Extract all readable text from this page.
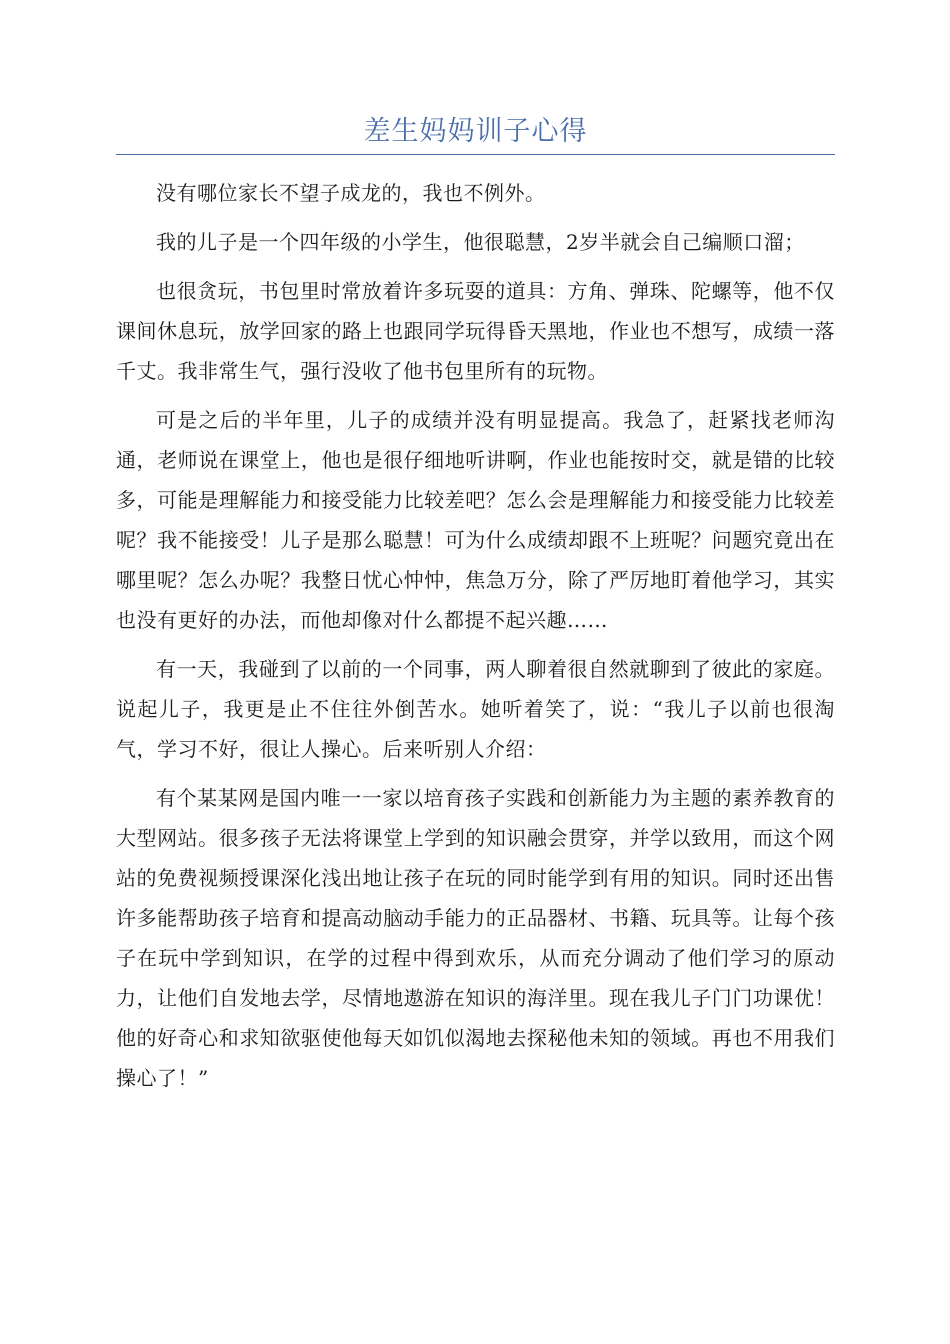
差生妈妈训子心得

没有哪位家长不望子成龙的，我也不例外。

我的儿子是一个四年级的小学生，他很聪慧，2岁半就会自己编顺口溜；

也很贪玩，书包里时常放着许多玩耍的道具：方角、弹珠、陀螺等，他不仅课间休息玩，放学回家的路上也跟同学玩得昏天黑地，作业也不想写，成绩一落千丈。我非常生气，强行没收了他书包里所有的玩物。

可是之后的半年里，儿子的成绩并没有明显提高。我急了，赶紧找老师沟通，老师说在课堂上，他也是很仔细地听讲啊，作业也能按时交，就是错的比较多，可能是理解能力和接受能力比较差吧？怎么会是理解能力和接受能力比较差呢？我不能接受！儿子是那么聪慧！可为什么成绩却跟不上班呢？问题究竟出在哪里呢？怎么办呢？我整日忧心忡忡，焦急万分，除了严厉地盯着他学习，其实也没有更好的办法，而他却像对什么都提不起兴趣……

有一天，我碰到了以前的一个同事，两人聊着很自然就聊到了彼此的家庭。说起儿子，我更是止不住往外倒苦水。她听着笑了，说：“我儿子以前也很淘气，学习不好，很让人操心。后来听别人介绍：

有个某某网是国内唯一一家以培育孩子实践和创新能力为主题的素养教育的大型网站。很多孩子无法将课堂上学到的知识融会贯穿，并学以致用，而这个网站的免费视频授课深化浅出地让孩子在玩的同时能学到有用的知识。同时还出售许多能帮助孩子培育和提高动脑动手能力的正品器材、书籍、玩具等。让每个孩子在玩中学到知识，在学的过程中得到欢乐，从而充分调动了他们学习的原动力，让他们自发地去学，尽情地遨游在知识的海洋里。现在我儿子门门功课优！他的好奇心和求知欲驱使他每天如饥似渴地去探秘他未知的领域。再也不用我们操心了！”
